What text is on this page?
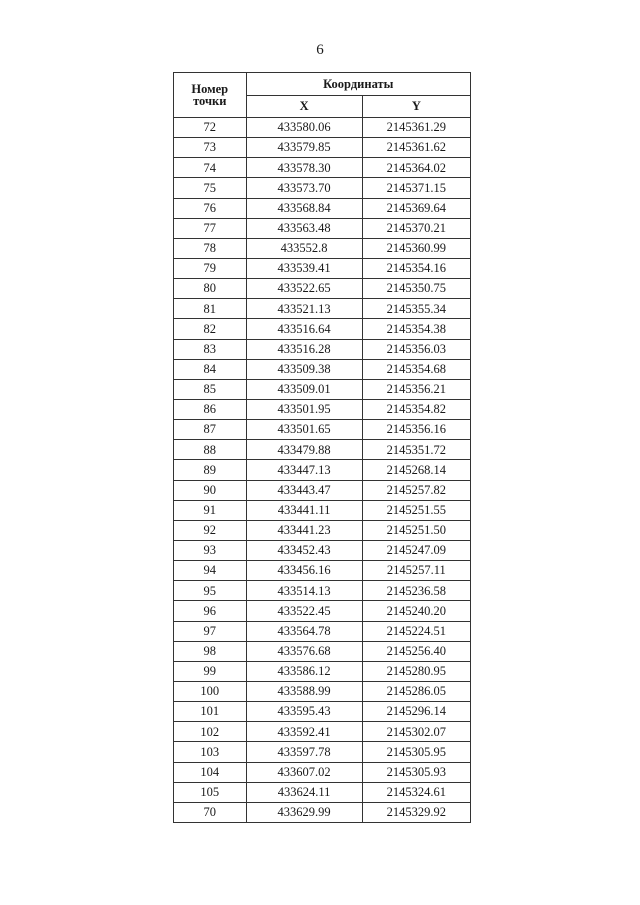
6
Номер точки	Координаты	
	X	Y
72	433580.06	2145361.29
73	433579.85	2145361.62
74	433578.30	2145364.02
75	433573.70	2145371.15
76	433568.84	2145369.64
77	433563.48	2145370.21
78	433552.8	2145360.99
79	433539.41	2145354.16
80	433522.65	2145350.75
81	433521.13	2145355.34
82	433516.64	2145354.38
83	433516.28	2145356.03
84	433509.38	2145354.68
85	433509.01	2145356.21
86	433501.95	2145354.82
87	433501.65	2145356.16
88	433479.88	2145351.72
89	433447.13	2145268.14
90	433443.47	2145257.82
91	433441.11	2145251.55
92	433441.23	2145251.50
93	433452.43	2145247.09
94	433456.16	2145257.11
95	433514.13	2145236.58
96	433522.45	2145240.20
97	433564.78	2145224.51
98	433576.68	2145256.40
99	433586.12	2145280.95
100	433588.99	2145286.05
101	433595.43	2145296.14
102	433592.41	2145302.07
103	433597.78	2145305.95
104	433607.02	2145305.93
105	433624.11	2145324.61
70	433629.99	2145329.92
